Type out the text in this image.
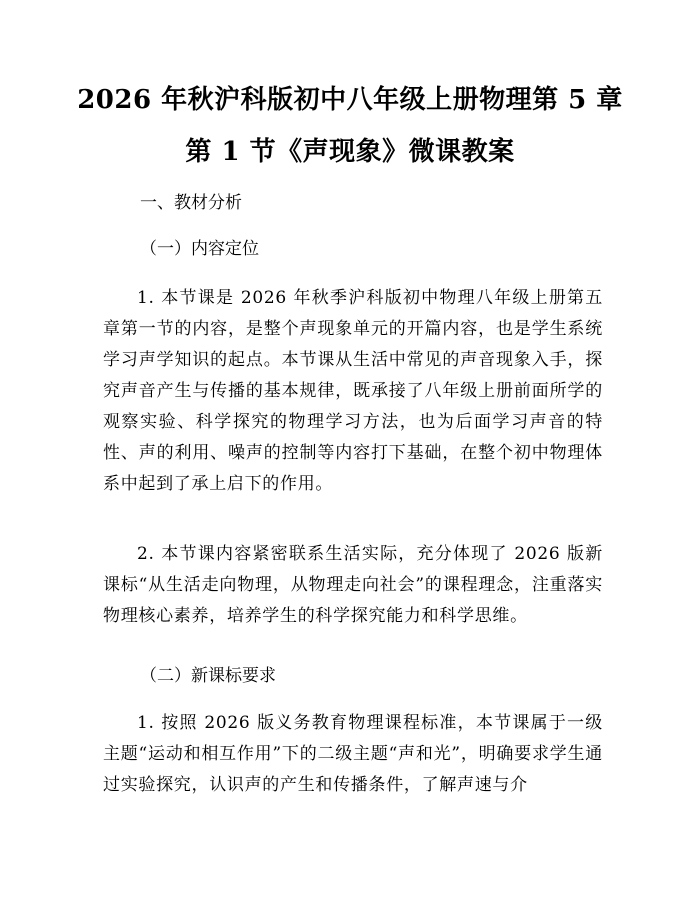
2026 年秋沪科版初中八年级上册物理第 5 章
第 1 节《声现象》微课教案
一、教材分析
（一）内容定位

1. 本节课是 2026 年秋季沪科版初中物理八年级上册第五章第一节的内容，是整个声现象单元的开篇内容，也是学生系统学习声学知识的起点。本节课从生活中常见的声音现象入手，探究声音产生与传播的基本规律，既承接了八年级上册前面所学的观察实验、科学探究的物理学习方法，也为后面学习声音的特性、声的利用、噪声的控制等内容打下基础，在整个初中物理体系中起到了承上启下的作用。

2. 本节课内容紧密联系生活实际，充分体现了 2026 版新课标“从生活走向物理，从物理走向社会”的课程理念，注重落实物理核心素养，培养学生的科学探究能力和科学思维。

（二）新课标要求

1. 按照 2026 版义务教育物理课程标准，本节课属于一级主题“运动和相互作用”下的二级主题“声和光”，明确要求学生通过实验探究，认识声的产生和传播条件，了解声速与介
